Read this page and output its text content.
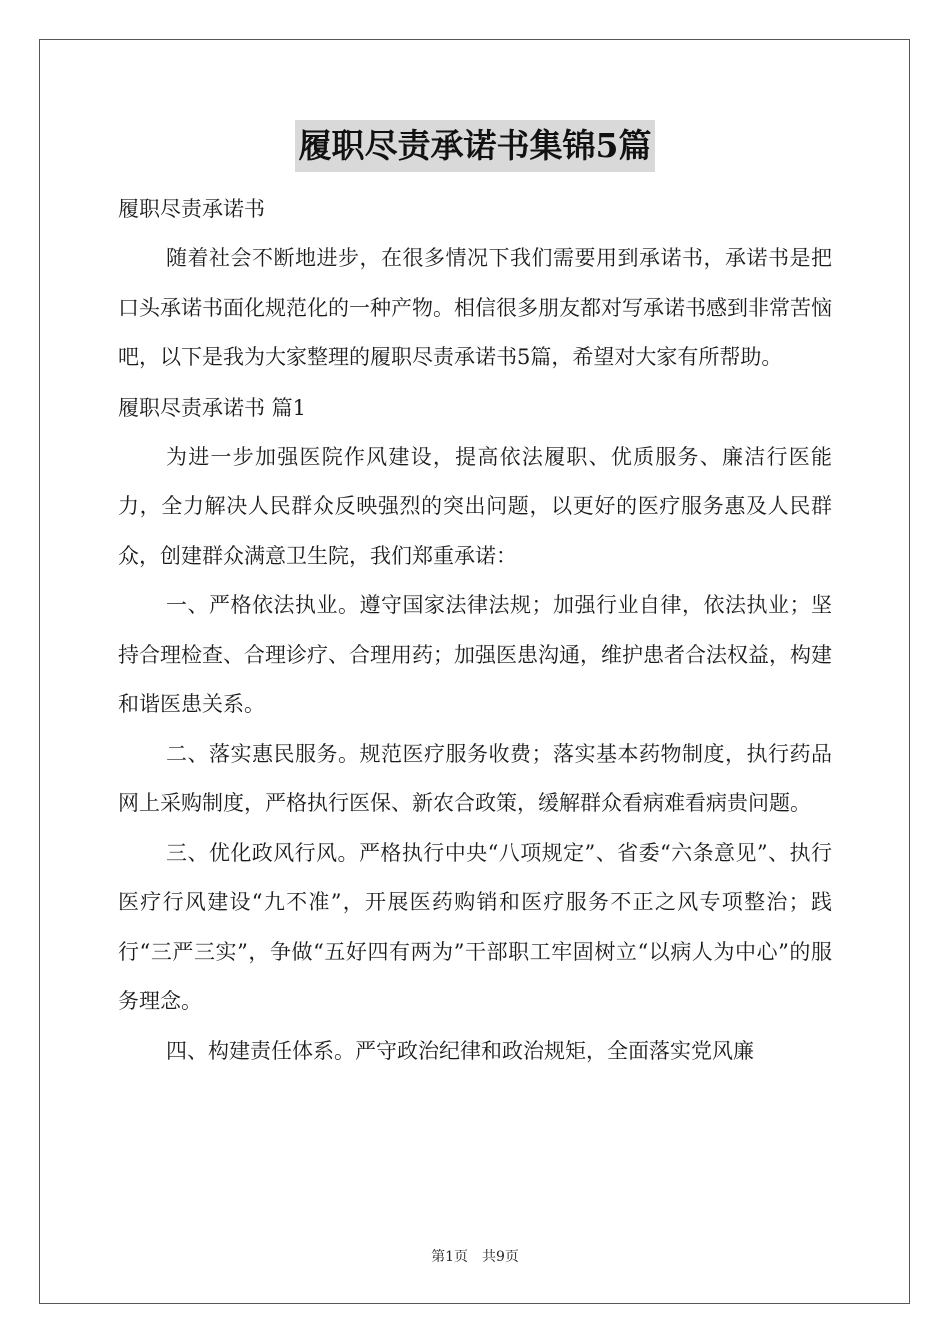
履职尽责承诺书集锦5篇

履职尽责承诺书

随着社会不断地进步，在很多情况下我们需要用到承诺书，承诺书是把口头承诺书面化规范化的一种产物。相信很多朋友都对写承诺书感到非常苦恼吧，以下是我为大家整理的履职尽责承诺书5篇，希望对大家有所帮助。

履职尽责承诺书 篇1

为进一步加强医院作风建设，提高依法履职、优质服务、廉洁行医能力，全力解决人民群众反映强烈的突出问题，以更好的医疗服务惠及人民群众，创建群众满意卫生院，我们郑重承诺：

一、严格依法执业。遵守国家法律法规；加强行业自律，依法执业；坚持合理检查、合理诊疗、合理用药；加强医患沟通，维护患者合法权益，构建和谐医患关系。

二、落实惠民服务。规范医疗服务收费；落实基本药物制度，执行药品网上采购制度，严格执行医保、新农合政策，缓解群众看病难看病贵问题。

三、优化政风行风。严格执行中央“八项规定”、省委“六条意见”、执行医疗行风建设“九不准”，开展医药购销和医疗服务不正之风专项整治；践行“三严三实”，争做“五好四有两为”干部职工牢固树立“以病人为中心”的服务理念。

四、构建责任体系。严守政治纪律和政治规矩，全面落实党风廉

第1页　共9页
